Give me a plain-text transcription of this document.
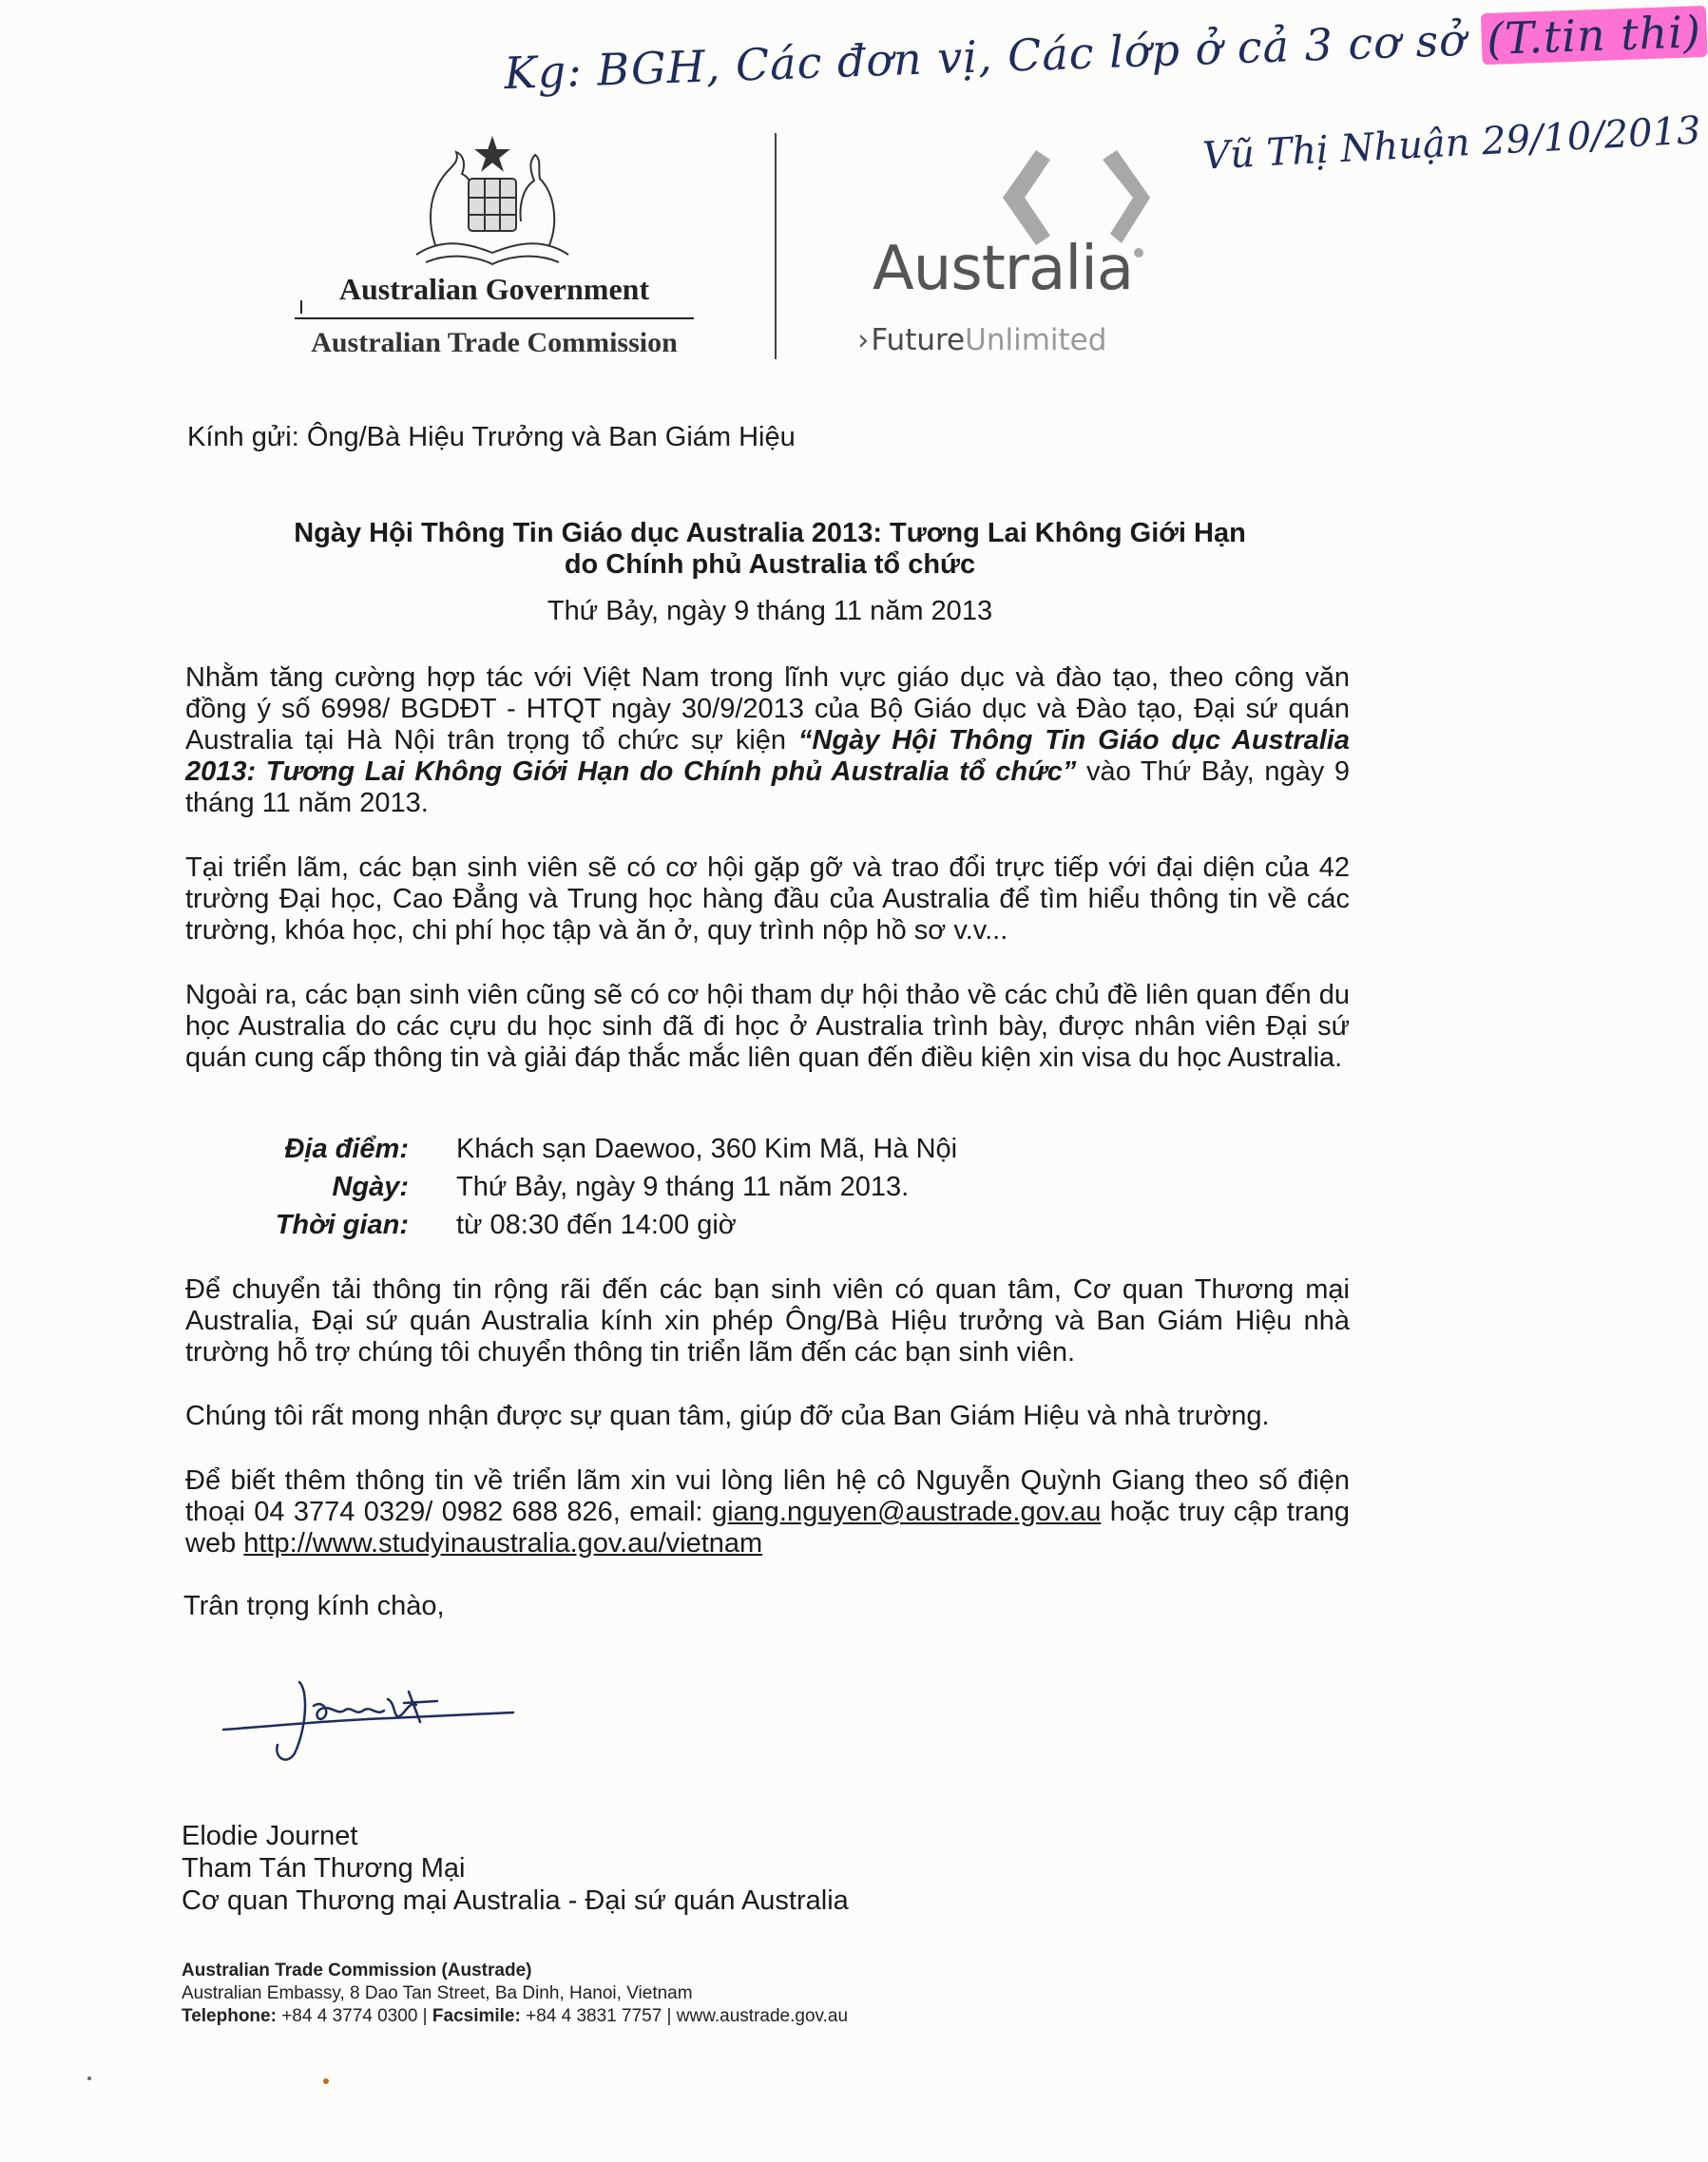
Kg: BGH, Các đơn vị, Các lớp ở cả 3 cơ sở (T.tin thi)
Vũ Thị Nhuận 29/10/2013
Australian Government
Australian Trade Commission
Australia
›FutureUnlimited
Kính gửi: Ông/Bà Hiệu Trưởng và Ban Giám Hiệu
Ngày Hội Thông Tin Giáo dục Australia 2013: Tương Lai Không Giới Hạn
do Chính phủ Australia tổ chức
Thứ Bảy, ngày 9 tháng 11 năm 2013
Nhằm tăng cường hợp tác với Việt Nam trong lĩnh vực giáo dục và đào tạo, theo công văn đồng ý số 6998/ BGDĐT - HTQT ngày 30/9/2013 của Bộ Giáo dục và Đào tạo, Đại sứ quán Australia tại Hà Nội trân trọng tổ chức sự kiện “Ngày Hội Thông Tin Giáo dục Australia 2013: Tương Lai Không Giới Hạn do Chính phủ Australia tổ chức” vào Thứ Bảy, ngày 9 tháng 11 năm 2013.
Tại triển lãm, các bạn sinh viên sẽ có cơ hội gặp gỡ và trao đổi trực tiếp với đại diện của 42 trường Đại học, Cao Đẳng và Trung học hàng đầu của Australia để tìm hiểu thông tin về các trường, khóa học, chi phí học tập và ăn ở, quy trình nộp hồ sơ v.v...
Ngoài ra, các bạn sinh viên cũng sẽ có cơ hội tham dự hội thảo về các chủ đề liên quan đến du học Australia do các cựu du học sinh đã đi học ở Australia trình bày, được nhân viên Đại sứ quán cung cấp thông tin và giải đáp thắc mắc liên quan đến điều kiện xin visa du học Australia.
Địa điểm: Khách sạn Daewoo, 360 Kim Mã, Hà Nội
Ngày: Thứ Bảy, ngày 9 tháng 11 năm 2013.
Thời gian: từ 08:30 đến 14:00 giờ
Để chuyển tải thông tin rộng rãi đến các bạn sinh viên có quan tâm, Cơ quan Thương mại Australia, Đại sứ quán Australia kính xin phép Ông/Bà Hiệu trưởng và Ban Giám Hiệu nhà trường hỗ trợ chúng tôi chuyển thông tin triển lãm đến các bạn sinh viên.
Chúng tôi rất mong nhận được sự quan tâm, giúp đỡ của Ban Giám Hiệu và nhà trường.
Để biết thêm thông tin về triển lãm xin vui lòng liên hệ cô Nguyễn Quỳnh Giang theo số điện thoại 04 3774 0329/ 0982 688 826, email: giang.nguyen@austrade.gov.au hoặc truy cập trang web http://www.studyinaustralia.gov.au/vietnam
Trân trọng kính chào,
Elodie Journet
Tham Tán Thương Mại
Cơ quan Thương mại Australia - Đại sứ quán Australia
Australian Trade Commission (Austrade)
Australian Embassy, 8 Dao Tan Street, Ba Dinh, Hanoi, Vietnam
Telephone: +84 4 3774 0300 | Facsimile: +84 4 3831 7757 | www.austrade.gov.au
